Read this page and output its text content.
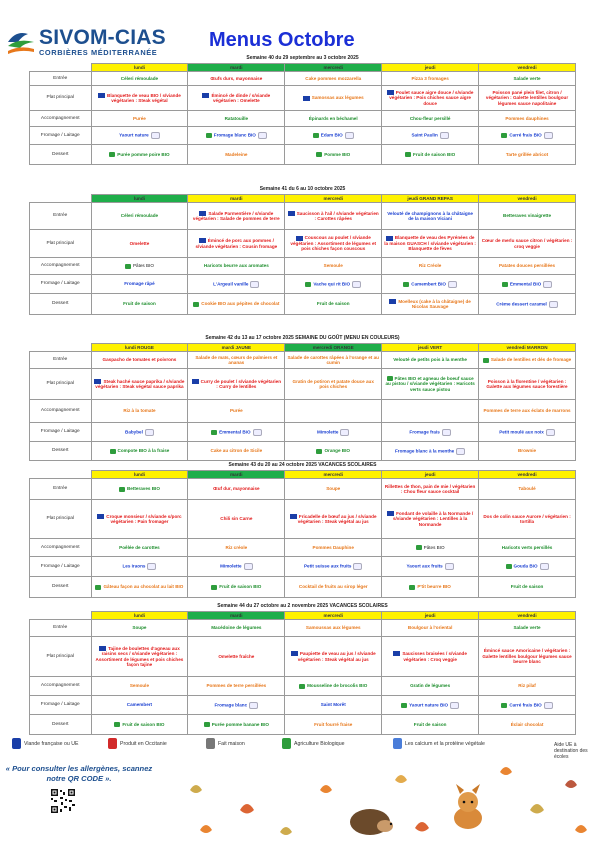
SIVOM-CIAS
CORBIÈRES MÉDITERRANÉE
Menus Octobre
Semaine 40 du 29 septembre au 3 octobre 2025
	lundi	mardi	mercredi	jeudi	vendredi
Entrée	Céleri rémoulade	Œufs durs, mayonnaise	Cake pommes mozzarella	Pizza 3 fromages	Salade verte
Plat principal	Blanquette de veau BIO / s/viande végétarien : Steak végétal	Émincé de dinde / s/viande végétarien : Omelette	Samossas aux légumes	Poulet sauce aigre douce / s/viande végétarien : Pois chiches sauce aigre douce	Poisson pané plein filet, citron / végétarien : Galette lentilles boulgour légumes sauce napolitaine
Accompagnement	Purée	Ratatouille	Épinards en béchamel	Chou-fleur persillé	Pommes dauphines
Fromage / Laitage	Yaourt nature	Fromage blanc BIO	Edam BIO	Saint Paulin	Carré frais BIO
Dessert	Purée pomme poire BIO	Madeleine	Pomme BIO	Fruit de saison BIO	Tarte grillée abricot
Semaine 41 du 6 au 10 octobre 2025
	lundi	mardi	mercredi	jeudi GRAND REPAS	vendredi
Entrée	Céleri rémoulade	Salade Parmentière / s/viande végétarien : Salade de pommes de terre	Saucisson à l'ail / s/viande végétarien : Carottes râpées	Velouté de champignons à la châtaigne de la maison Viciani	Betteraves vinaigrette
Plat principal	Omelette	Émincé de porc aux pommes / s/viande végétarien : Cousin fromage	Couscous au poulet / s/viande végétarien : Assortiment de légumes et pois chiches façon couscous	Blanquette de veau des Pyrénées de la maison GUASCH / s/viande végétarien : Blanquette de fèves	Cœur de merlu sauce citron / végétarien : croq veggie
Accompagnement	Pâtes BIO	Haricots beurre aux aromates	Semoule	Riz Créole	Patates douces persillées
Fromage / Laitage	Fromage râpé	L'Argeuil vanille	Vache qui rit BIO	Camembert BIO	Emmental BIO
Dessert	Fruit de saison	Cookie BIO aux pépites de chocolat	Fruit de saison	Moelleux (cake à la châtaigne) de Nicolas Sauvage	Crème dessert caramel
Semaine 42 du 13 au 17 octobre 2025 SEMAINE DU GOÛT (MENU EN COULEURS)
	lundi ROUGE	mardi JAUNE	mercredi ORANGE	jeudi VERT	vendredi MARRON
Entrée	Gaspacho de tomates et poivrons	Salade de maïs, cœurs de palmiers et ananas	Salade de carottes râpées à l'orange et au cumin	Velouté de petits pois à la menthe	Salade de lentilles et dés de fromage
Plat principal	Steak haché sauce paprika / s/viande végétarien : Steak végétal sauce paprika	Curry de poulet / s/viande végétarien : Curry de lentilles	Gratin de potiron et patate douce aux pois chiches	Pâtes BIO et agneau de boeuf sauce au pistou / s/viande végétarien : Haricots verts sauce pistou	Poisson à la florentine / végétarien : Galette aux légumes sauce forestière
Accompagnement	Riz à la tomate	Purée			Pommes de terre aux éclats de marrons
Fromage / Laitage	Babybel	Emmental BIO	Mimolette	Fromage frais	Petit moulé aux noix
Dessert	Compote BIO à la fraise	Cake au citron de Sicile	Orange BIO	Fromage blanc à la menthe	Brownie
Semaine 43 du 20 au 24 octobre 2025 VACANCES SCOLAIRES
	lundi	mardi	mercredi	jeudi	vendredi
Entrée	Betteraves BIO	Œuf dur, mayonnaise	Soupe	Rillettes de thon, pain de mie / végétarien : Chou fleur sauce cocktail	Taboulé
Plat principal	Croque monsieur / s/viande s/porc végétarien : Pain fromager	Chili sin Carne	Fricadelle de bœuf au jus / s/viande végétarien : Steak végétal au jus	Fondant de volaille à la Normande / s/viande végétarien : Lentilles à la Normande	Dos de colin sauce Aurore / végétarien : tortilla
Accompagnement	Poêlée de carottes	Riz créole	Pommes Dauphine	Pâtes BIO	Haricots verts persillés
Fromage / Laitage	Les Iraons	Mimolette	Petit suisse aux fruits	Yaourt aux fruits	Gouda BIO
Dessert	Gâteau façon au chocolat au lait BIO	Fruit de saison BIO	Cocktail de fruits au sirop léger	P'tit beurre BIO	Fruit de saison
Semaine 44 du 27 octobre au 2 novembre 2025 VACANCES SCOLAIRES
	lundi	mardi	mercredi	jeudi	vendredi
Entrée	Soupe	Macédoine de légumes	Samoussas aux légumes	Boulgour à l'oriental	Salade verte
Plat principal	Tajine de boulettes d'agneau aux raisins secs / s/viande végétarien : Assortiment de légumes et pois chiches façon tajine	Omelette fraîche	Paupiette de veau au jus / s/viande végétarien : Steak végétal au jus	Saucisses braisées / s/viande végétarien : Croq veggie	Émincé sauce Amoricaine / végétarien : Galette lentilles boulgour légumes sauce beurre blanc
Accompagnement	Semoule	Pommes de terre persillées	Mousseline de brocolis BIO	Gratin de légumes	Riz pilaf
Fromage / Laitage	Camembert	Fromage blanc	Saint Morêt	Yaourt nature BIO	Carré frais BIO
Dessert	Fruit de saison BIO	Purée pomme banane BIO	Fruit fourré fraise	Fruit de saison	Éclair chocolat
Viande française ou UE	Produit en Occitanie	Fait maison	Agriculture Biologique	Les calcium et la protéine végétale	Aide UE à destination des écoles
« Pour consulter les allergènes, scannez notre QR CODE ».
